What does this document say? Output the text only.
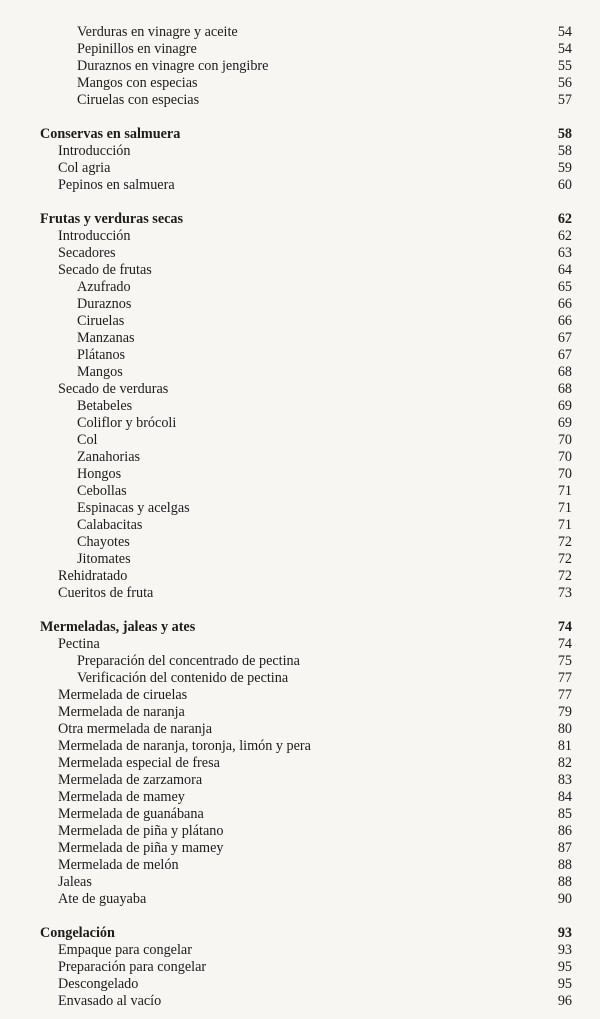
Verduras en vinagre y aceite	54
Pepinillos en vinagre	54
Duraznos en vinagre con jengibre	55
Mangos con especias	56
Ciruelas con especias	57
Conservas en salmuera	58
Introducción	58
Col agria	59
Pepinos en salmuera	60
Frutas y verduras secas	62
Introducción	62
Secadores	63
Secado de frutas	64
Azufrado	65
Duraznos	66
Ciruelas	66
Manzanas	67
Plátanos	67
Mangos	68
Secado de verduras	68
Betabeles	69
Coliflor y brócoli	69
Col	70
Zanahorias	70
Hongos	70
Cebollas	71
Espinacas y acelgas	71
Calabacitas	71
Chayotes	72
Jitomates	72
Rehidratado	72
Cueritos de fruta	73
Mermeladas, jaleas y ates	74
Pectina	74
Preparación del concentrado de pectina	75
Verificación del contenido de pectina	77
Mermelada de ciruelas	77
Mermelada de naranja	79
Otra mermelada de naranja	80
Mermelada de naranja, toronja, limón y pera	81
Mermelada especial de fresa	82
Mermelada de zarzamora	83
Mermelada de mamey	84
Mermelada de guanábana	85
Mermelada de piña y plátano	86
Mermelada de piña y mamey	87
Mermelada de melón	88
Jaleas	88
Ate de guayaba	90
Congelación	93
Empaque para congelar	93
Preparación para congelar	95
Descongelado	95
Envasado al vacío	96
